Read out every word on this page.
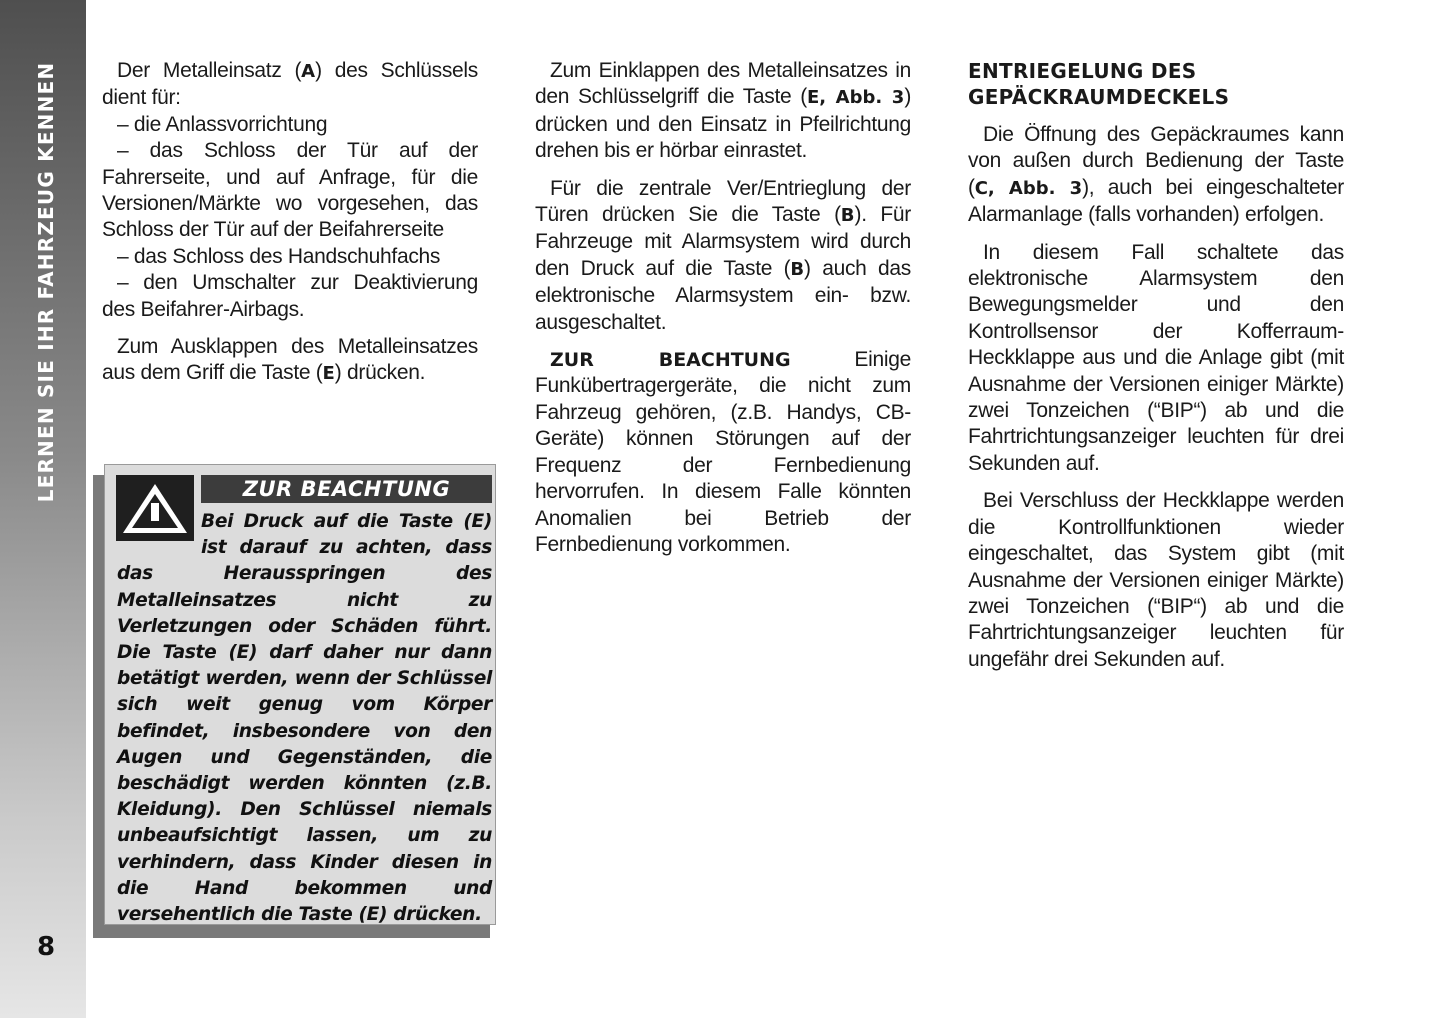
LERNEN SIE IHR FAHRZEUG KENNEN
8

Der Metalleinsatz (A) des Schlüssels dient für:

– die Anlassvorrichtung
– das Schloss der Tür auf der Fahrerseite, und auf Anfrage, für die Versionen/Märkte wo vorgesehen, das Schloss der Tür auf der Beifahrerseite
– das Schloss des Handschuhfachs
– den Umschalter zur Deaktivierung des Beifahrer-Airbags.

Zum Ausklappen des Metalleinsatzes aus dem Griff die Taste (E) drücken.

ZUR BEACHTUNG
Bei Druck auf die Taste (E) ist darauf zu achten, dass das Herausspringen des Metalleinsatzes nicht zu Verletzungen oder Schäden führt. Die Taste (E) darf daher nur dann betätigt werden, wenn der Schlüssel sich weit genug vom Körper befindet, insbesondere von den Augen und Gegenständen, die beschädigt werden könnten (z.B. Kleidung). Den Schlüssel niemals unbeaufsichtigt lassen, um zu verhindern, dass Kinder diesen in die Hand bekommen und versehentlich die Taste (E) drücken.

Zum Einklappen des Metalleinsatzes in den Schlüsselgriff die Taste (E, Abb. 3) drücken und den Einsatz in Pfeilrichtung drehen bis er hörbar einrastet.

Für die zentrale Ver/Entrieglung der Türen drücken Sie die Taste (B). Für Fahrzeuge mit Alarmsystem wird durch den Druck auf die Taste (B) auch das elektronische Alarmsystem ein- bzw. ausgeschaltet.

ZUR BEACHTUNG Einige Funkübertragergeräte, die nicht zum Fahrzeug gehören, (z.B. Handys, CB-Geräte) können Störungen auf der Frequenz der Fernbedienung hervorrufen. In diesem Falle könnten Anomalien bei Betrieb der Fernbedienung vorkommen.

ENTRIEGELUNG DES
GEPÄCKRAUMDECKELS

Die Öffnung des Gepäckraumes kann von außen durch Bedienung der Taste (C, Abb. 3), auch bei eingeschalteter Alarmanlage (falls vorhanden) erfolgen.

In diesem Fall schaltete das elektronische Alarmsystem den Bewegungsmelder und den Kontrollsensor der Kofferraum-Heckklappe aus und die Anlage gibt (mit Ausnahme der Versionen einiger Märkte) zwei Tonzeichen (“BIP“) ab und die Fahrtrichtungsanzeiger leuchten für drei Sekunden auf.

Bei Verschluss der Heckklappe werden die Kontrollfunktionen wieder eingeschaltet, das System gibt (mit Ausnahme der Versionen einiger Märkte) zwei Tonzeichen (“BIP“) ab und die Fahrtrichtungsanzeiger leuchten für ungefähr drei Sekunden auf.
